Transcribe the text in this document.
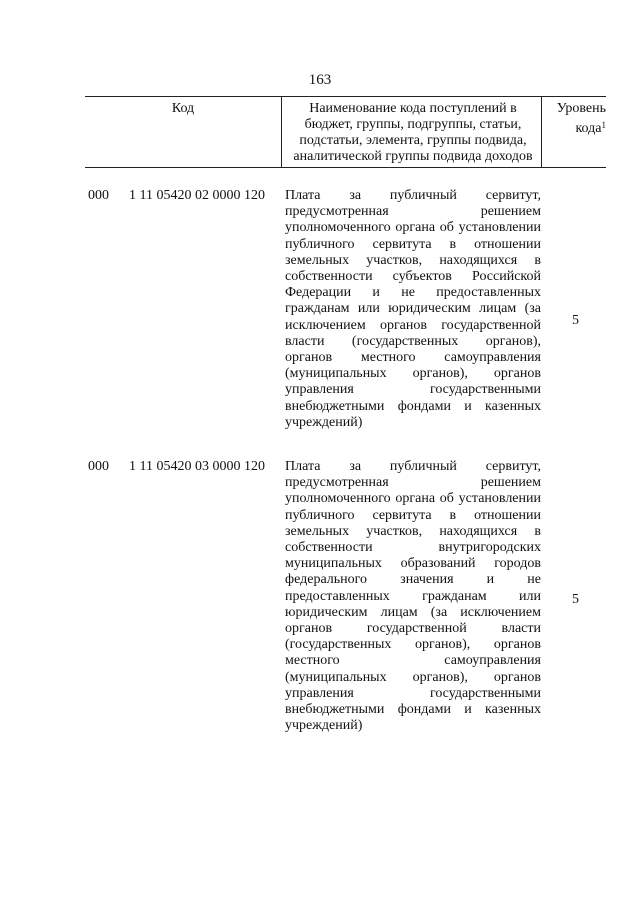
163
Код	Наименование кода поступлений в бюджет, группы, подгруппы, статьи, подстатьи, элемента, группы подвида, аналитической группы подвида доходов
Уровень кода$^1$
000 1 11 05420 02 0000 120 Плата за публичный сервитут, предусмотренная решением уполномоченного органа об установлении публичного сервитута в отношении земельных участков, находящихся в собственности субъектов Российской Федерации и не предоставленных гражданам или юридическим лицам (за исключением органов государственной власти (государственных органов), органов местного самоуправления (муниципальных органов), органов управления государственными внебюджетными фондами и казенных учреждений)
5
000 1 11 05420 03 0000 120 Плата за публичный сервитут, предусмотренная решением уполномоченного органа об установлении публичного сервитута в отношении земельных участков, находящихся в собственности внутригородских муниципальных образований городов федерального значения и не предоставленных гражданам или юридическим лицам (за исключением органов государственной власти (государственных органов), органов местного самоуправления (муниципальных органов), органов управления государственными внебюджетными фондами и казенных учреждений)
5
